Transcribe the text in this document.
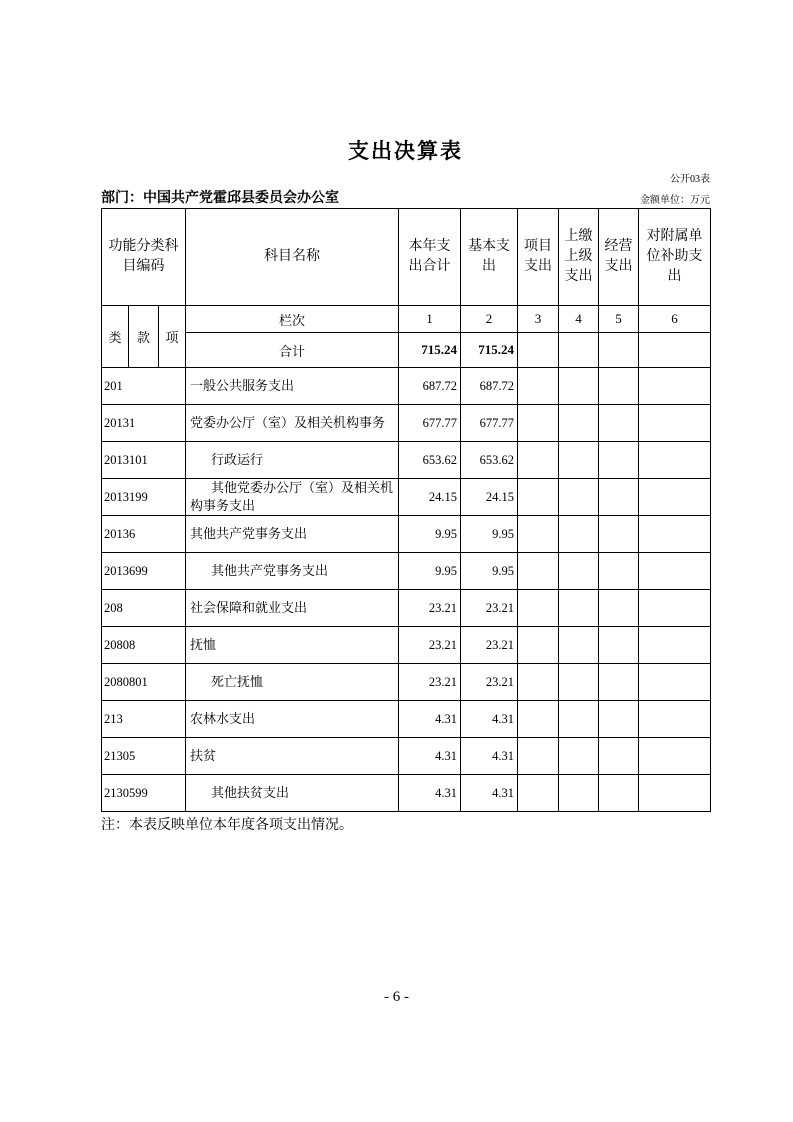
支出决算表
公开03表
部门：中国共产党霍邱县委员会办公室	金额单位：万元
功能分类科目编码			科目名称	本年支出合计	基本支出	项目支出	上缴上级支出	经营支出	对附属单位补助支出
类	款	项	栏次	1	2	3	4	5	6
			合计	715.24	715.24				
201			一般公共服务支出	687.72	687.72				
20131			党委办公厅（室）及相关机构事务	677.77	677.77				
2013101			行政运行	653.62	653.62				
2013199			其他党委办公厅（室）及相关机构事务支出	24.15	24.15				
20136			其他共产党事务支出	9.95	9.95				
2013699			其他共产党事务支出	9.95	9.95				
208			社会保障和就业支出	23.21	23.21				
20808			抚恤	23.21	23.21				
2080801			死亡抚恤	23.21	23.21				
213			农林水支出	4.31	4.31				
21305			扶贫	4.31	4.31				
2130599			其他扶贫支出	4.31	4.31				
注：本表反映单位本年度各项支出情况。
- 6 -
